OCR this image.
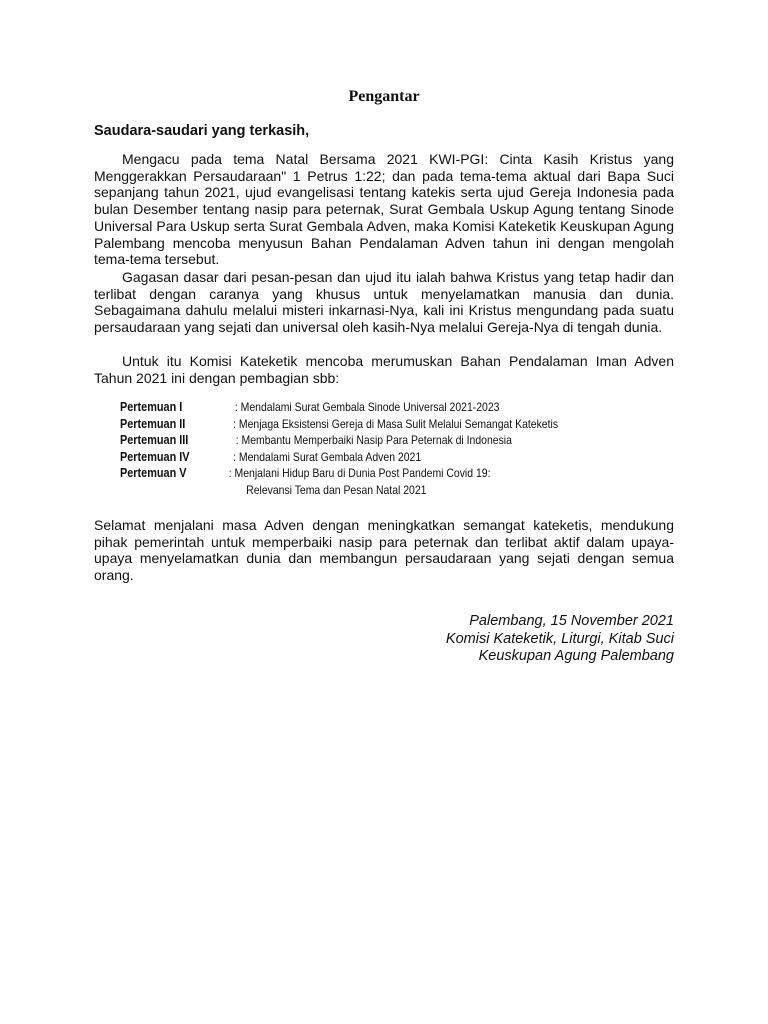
Pengantar
Saudara-saudari yang terkasih,

Mengacu pada tema Natal Bersama 2021 KWI-PGI: Cinta Kasih Kristus yang Menggerakkan Persaudaraan" 1 Petrus 1:22; dan pada tema-tema aktual dari Bapa Suci sepanjang tahun 2021, ujud evangelisasi tentang katekis serta ujud Gereja Indonesia pada bulan Desember tentang nasip para peternak, Surat Gembala Uskup Agung tentang Sinode Universal Para Uskup serta Surat Gembala Adven, maka Komisi Kateketik Keuskupan Agung Palembang mencoba menyusun Bahan Pendalaman Adven tahun ini dengan mengolah tema-tema tersebut.

Gagasan dasar dari pesan-pesan dan ujud itu ialah bahwa Kristus yang tetap hadir dan terlibat dengan caranya yang khusus untuk menyelamatkan manusia dan dunia. Sebagaimana dahulu melalui misteri inkarnasi-Nya, kali ini Kristus mengundang pada suatu persaudaraan yang sejati dan universal oleh kasih-Nya melalui Gereja-Nya di tengah dunia.

Untuk itu Komisi Kateketik mencoba merumuskan Bahan Pendalaman Iman Adven Tahun 2021 ini dengan pembagian sbb:

Pertemuan I	: Mendalami Surat Gembala Sinode Universal 2021-2023
Pertemuan II	: Menjaga Eksistensi Gereja di Masa Sulit Melalui Semangat Kateketis
Pertemuan III	: Membantu Memperbaiki Nasip Para Peternak di Indonesia
Pertemuan IV	: Mendalami Surat Gembala Adven 2021
Pertemuan V	: Menjalani Hidup Baru di Dunia Post Pandemi Covid 19:
Relevansi Tema dan Pesan Natal 2021

Selamat menjalani masa Adven dengan meningkatkan semangat kateketis, mendukung pihak pemerintah untuk memperbaiki nasip para peternak dan terlibat aktif dalam upaya-upaya menyelamatkan dunia dan membangun persaudaraan yang sejati dengan semua orang.

Palembang, 15 November 2021
Komisi Kateketik, Liturgi, Kitab Suci
Keuskupan Agung Palembang
